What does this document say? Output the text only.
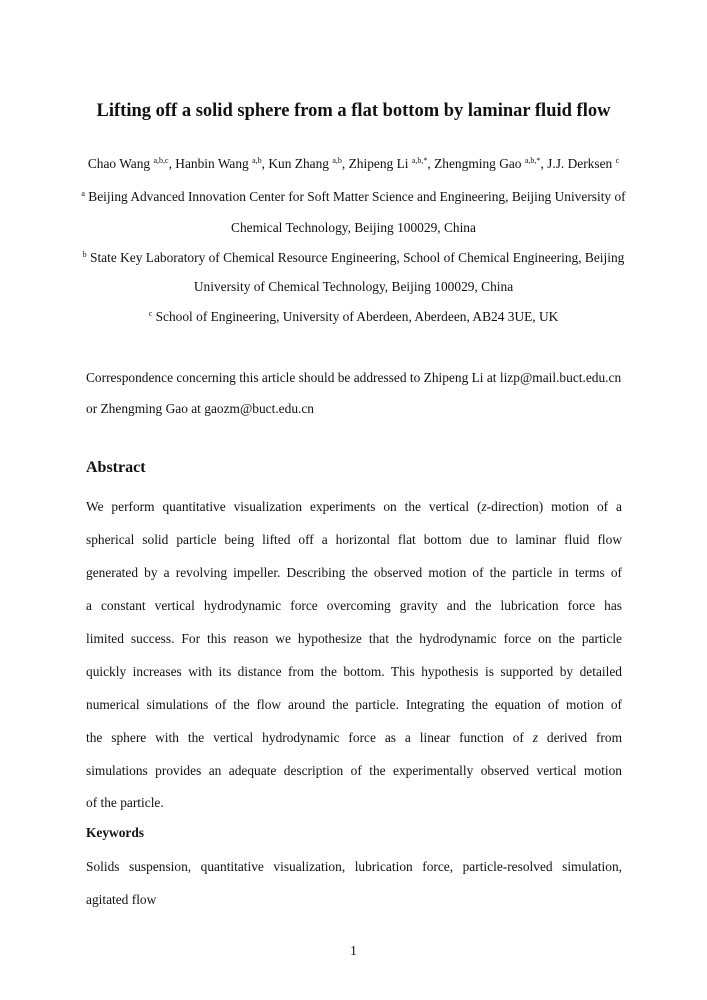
Lifting off a solid sphere from a flat bottom by laminar fluid flow
Chao Wang $^{a,b,c}$, Hanbin Wang $^{a,b}$, Kun Zhang $^{a,b}$, Zhipeng Li $^{a,b,*}$, Zhengming Gao $^{a,b,*}$, J.J. Derksen $^c$
$^a$ Beijing Advanced Innovation Center for Soft Matter Science and Engineering, Beijing University of
Chemical Technology, Beijing 100029, China
$^b$ State Key Laboratory of Chemical Resource Engineering, School of Chemical Engineering, Beijing
University of Chemical Technology, Beijing 100029, China
$^c$ School of Engineering, University of Aberdeen, Aberdeen, AB24 3UE, UK
Correspondence concerning this article should be addressed to Zhipeng Li at lizp@mail.buct.edu.cn
or Zhengming Gao at gaozm@buct.edu.cn
Abstract
We perform quantitative visualization experiments on the vertical (z-direction) motion of a
spherical solid particle being lifted off a horizontal flat bottom due to laminar fluid flow
generated by a revolving impeller. Describing the observed motion of the particle in terms of
a constant vertical hydrodynamic force overcoming gravity and the lubrication force has
limited success. For this reason we hypothesize that the hydrodynamic force on the particle
quickly increases with its distance from the bottom. This hypothesis is supported by detailed
numerical simulations of the flow around the particle. Integrating the equation of motion of
the sphere with the vertical hydrodynamic force as a linear function of z derived from
simulations provides an adequate description of the experimentally observed vertical motion
of the particle.
Keywords
Solids suspension, quantitative visualization, lubrication force, particle-resolved simulation,
agitated flow
1
